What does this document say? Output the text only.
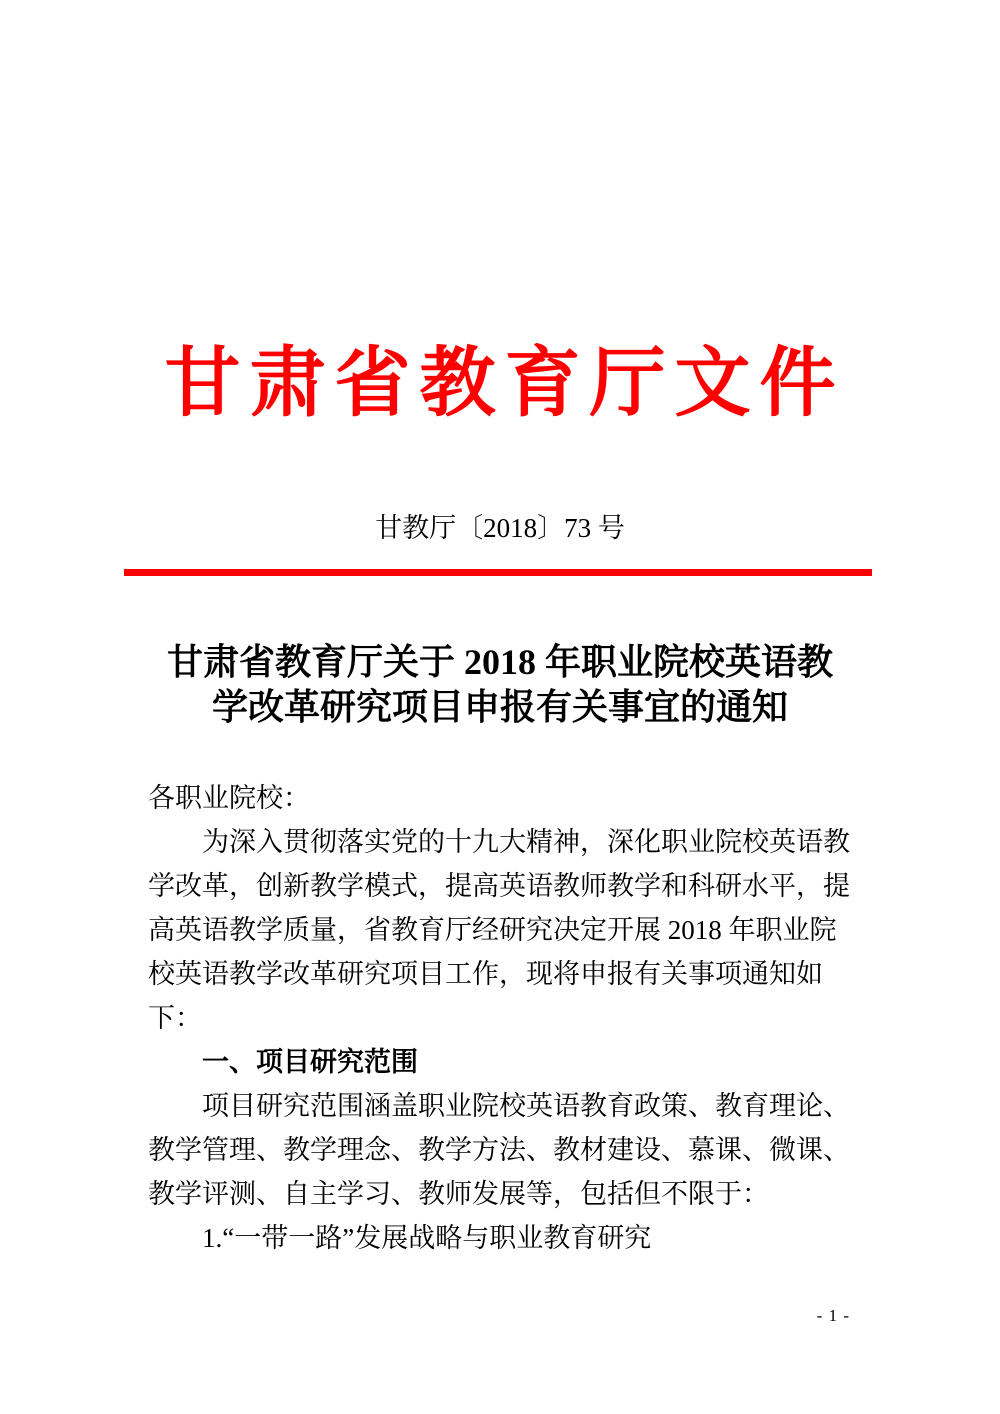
甘肃省教育厅文件
甘教厅〔2018〕73 号
甘肃省教育厅关于 2018 年职业院校英语教
学改革研究项目申报有关事宜的通知
各职业院校：
为深入贯彻落实党的十九大精神，深化职业院校英语教
学改革，创新教学模式，提高英语教师教学和科研水平，提
高英语教学质量，省教育厅经研究决定开展 2018 年职业院
校英语教学改革研究项目工作，现将申报有关事项通知如
下：
一、项目研究范围
项目研究范围涵盖职业院校英语教育政策、教育理论、
教学管理、教学理念、教学方法、教材建设、慕课、微课、
教学评测、自主学习、教师发展等，包括但不限于：
1.“一带一路”发展战略与职业教育研究
- 1 -
